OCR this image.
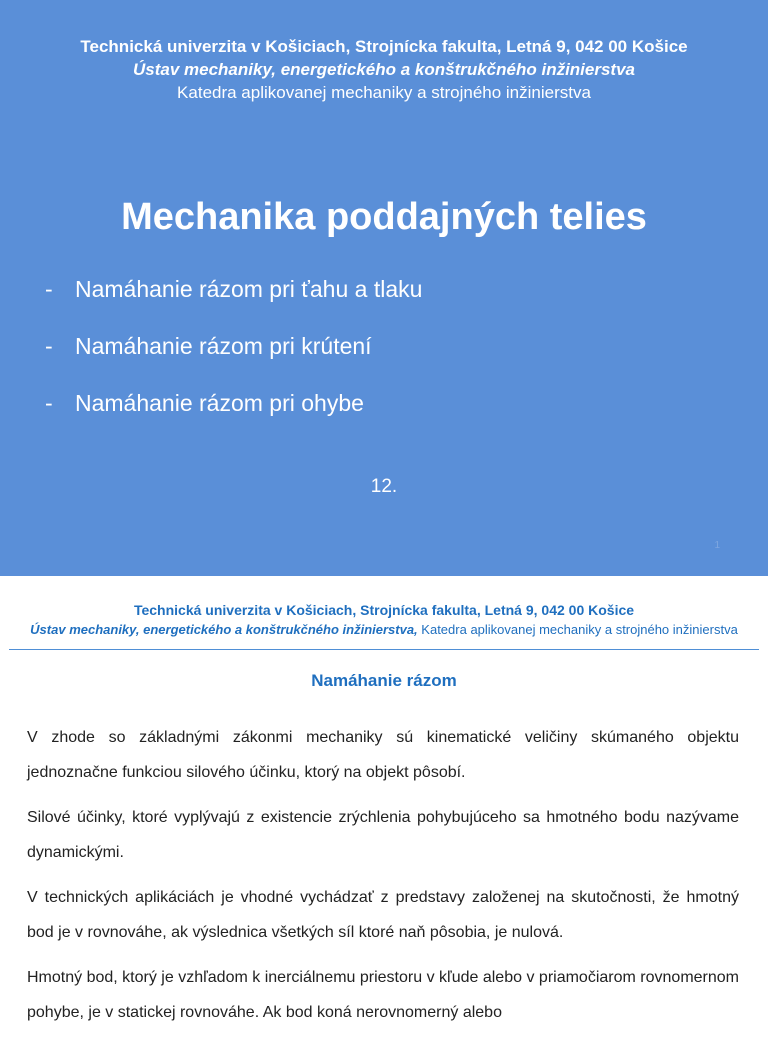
Technická univerzita v Košiciach, Strojnícka fakulta, Letná 9, 042 00 Košice
Ústav mechaniky, energetického a konštrukčného inžinierstva
Katedra aplikovanej mechaniky a strojného inžinierstva
Mechanika poddajných telies
- Namáhanie rázom pri ťahu a tlaku
- Namáhanie rázom pri krútení
- Namáhanie rázom pri ohybe
12.
1
Technická univerzita v Košiciach, Strojnícka fakulta, Letná 9, 042 00 Košice
Ústav mechaniky, energetického a konštrukčného inžinierstva, Katedra aplikovanej mechaniky a strojného inžinierstva
Namáhanie rázom

V zhode so základnými zákonmi mechaniky sú kinematické veličiny skúmaného objektu jednoznačne funkciou silového účinku, ktorý na objekt pôsobí.

Silové účinky, ktoré vyplývajú z existencie zrýchlenia pohybujúceho sa hmotného bodu nazývame dynamickými.

V technických aplikáciách je vhodné vychádzať z predstavy založenej na skutočnosti, že hmotný bod je v rovnováhe, ak výslednica všetkých síl ktoré naň pôsobia, je nulová.

Hmotný bod, ktorý je vzhľadom k inerciálnemu priestoru v kľude alebo v priamočiarom rovnomernom pohybe, je v statickej rovnováhe. Ak bod koná nerovnomerný alebo
